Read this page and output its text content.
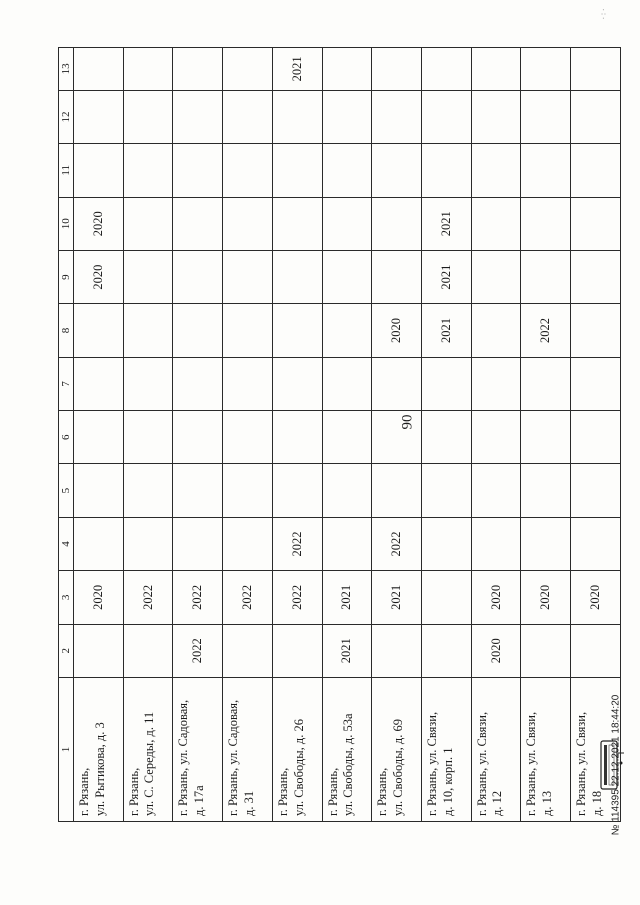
90
1	2	3	4	5	6	7	8	9	10	11	12	13
г. Рязань, ул. Рытикова, д. 3		2020						2020	2020			
г. Рязань, ул. С. Середы, д. 11		2022										
г. Рязань, ул. Садовая, д. 17а	2022	2022										
г. Рязань, ул. Садовая, д. 31		2022										
г. Рязань, ул. Свободы, д. 26		2022	2022									2021
г. Рязань, ул. Свободы, д. 53а	2021	2021										
г. Рязань, ул. Свободы, д. 69		2021	2022				2020					
г. Рязань, ул. Связи, д. 10, корп. 1							2021	2021	2021			
г. Рязань, ул. Связи, д. 12	2020	2020										
г. Рязань, ул. Связи, д. 13		2020					2022					
г. Рязань, ул. Связи, д. 18		2020										
№ 114395 22.12.2021 18:44:20
·:·
